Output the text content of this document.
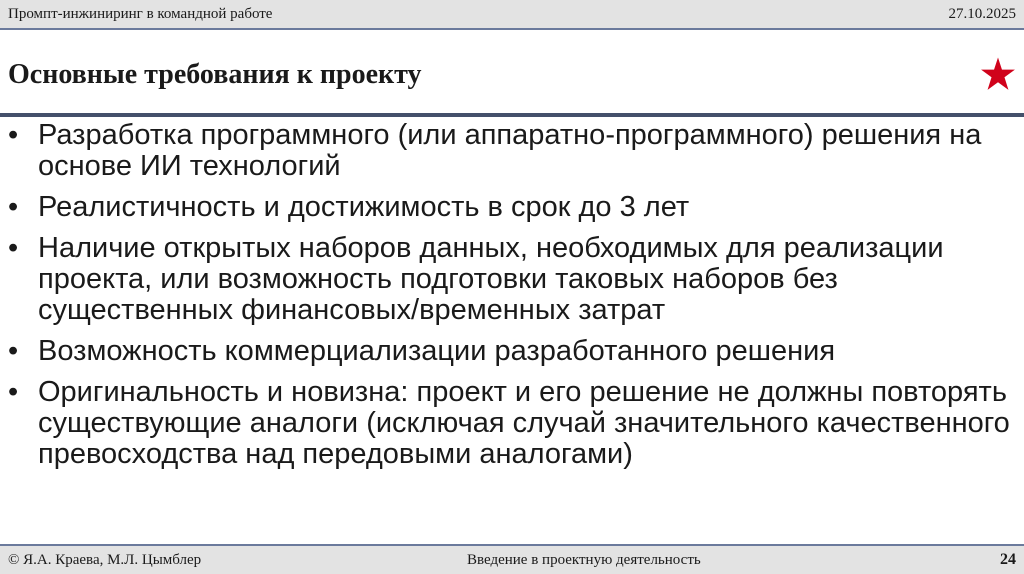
Промпт-инжиниринг в командной работе	27.10.2025
Основные требования к проекту
• Разработка программного (или аппаратно-программного) решения на основе ИИ технологий
• Реалистичность и достижимость в срок до 3 лет
• Наличие открытых наборов данных, необходимых для реализации проекта, или возможность подготовки таковых наборов без существенных финансовых/временных затрат
• Возможность коммерциализации разработанного решения
• Оригинальность и новизна: проект и его решение не должны повторять существующие аналоги (исключая случай значительного качественного превосходства над передовыми аналогами)
© Я.А. Краева, М.Л. Цымблер	Введение в проектную деятельность	24
